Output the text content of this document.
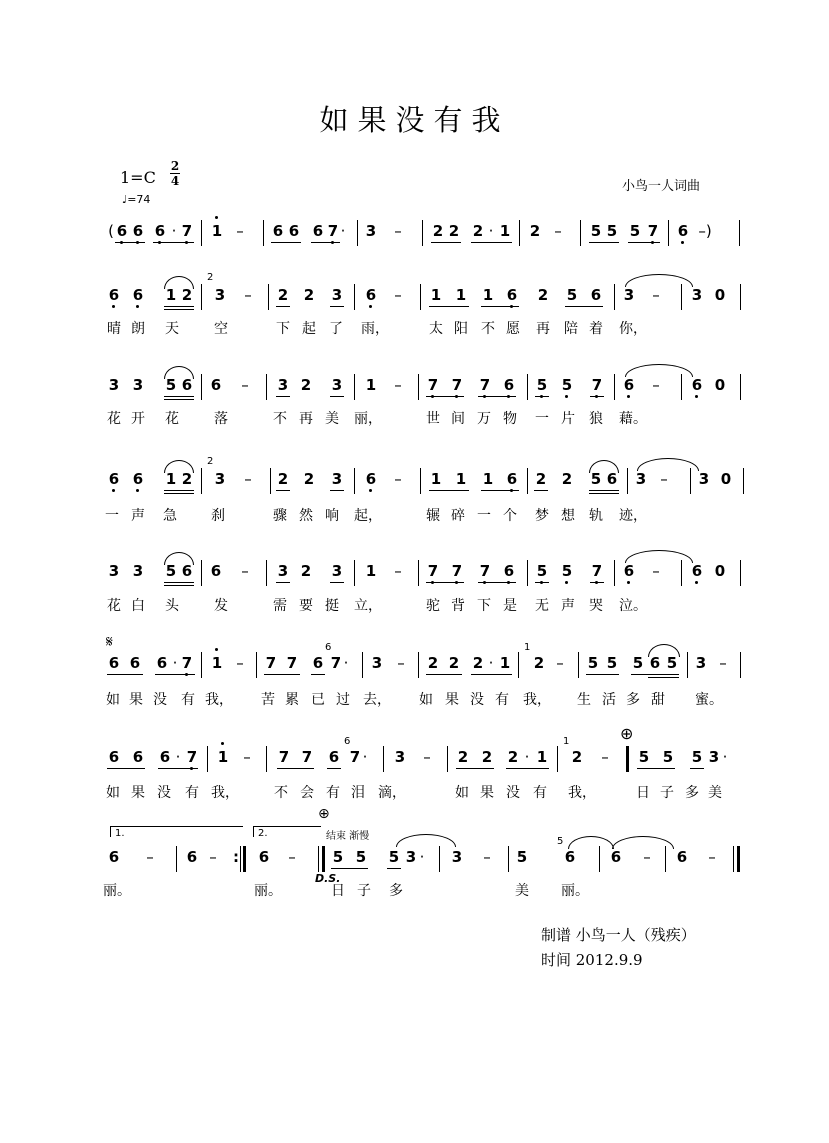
如果没有我
1=C
2
4
♩=74
小鸟一人词曲
( 6 6 6 · 7 1 – 6 6 6 7 ·	3 – 2 2 2 · 1 2 – 5 5 5 7 6 –)
6 6 1 2
2
3 – 2 2 3 6 – 1 1 1 6 2 5 6 3 – 3 0
晴 朗 天	空	下 起 了 雨，	太 阳 不 愿 再 陪 着 你，
3 3 5 6 6 – 3 2 3 1 – 7 7 7 6 5 5 7 6 – 6 0
花 开 花	落	不 再 美 丽，	世 间 万 物 一 片 狼 藉。
6 6 1 2
2
3 – 2 2 3 6 – 1 1 1 6 2 2 5 6 3 – 3 0
一 声 急 刹	骤 然 响 起，	辗 碎 一 个 梦 想 轨 迹，
3 3 5 6 6 – 3 2 3 1 – 7 7 7 6 5 5 7 6 – 6 0
花 白 头	发	需 要 挺 立，	驼 背 下 是 无 声 哭 泣。
𝄋
6 6 6 · 7 1 – 7 7 6
6
7 ·	3 – 2 2 2 · 1
1
2 – 5 5 5 6 5 3 –
如 果 没 有 我， 苦 累 已 过 去， 如 果 没 有 我， 生 活 多 甜 蜜。
⊕
6 6 6 · 7 1 – 7 7 6
6
7 ·	3 – 2 2 2 · 1
1
2 – 5 5 5 3 ·
如 果 没 有 我，	不 会 有 泪 滴，	如 果 没 有 我，	日 子 多 美
1.	2.
⊕
结束 渐慢
6 – 6 – : 6 – 5 5 5 3 ·	3 – 5
5
6 6 – 6 –
D.S.
丽。	丽。	日 子 多	美 丽。
制谱 小鸟一人（残疾）
时间 2012.9.9
